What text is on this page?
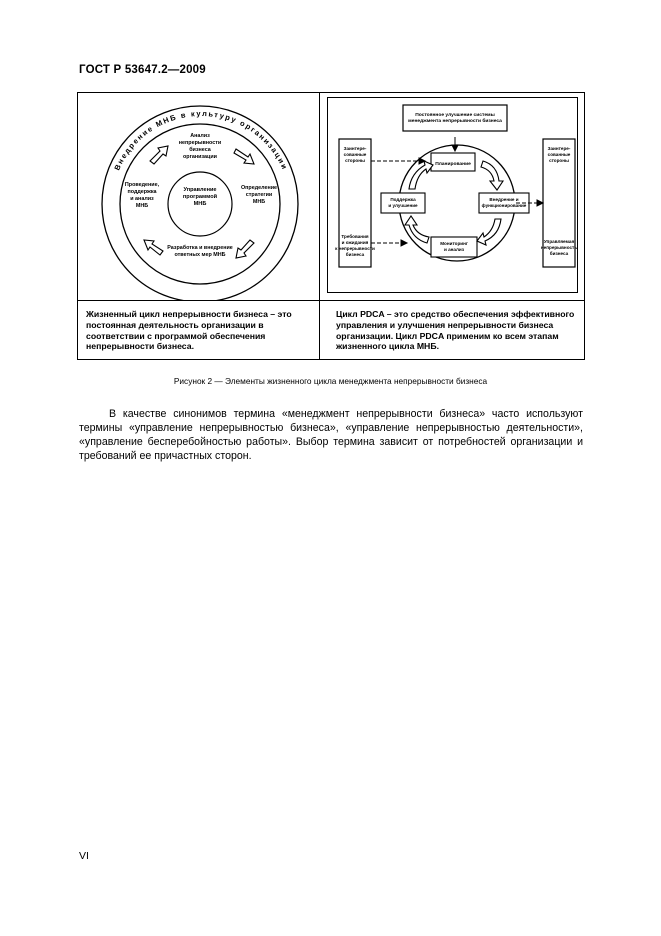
ГОСТ Р 53647.2—2009
Внедрение МНБ в культуру организации
Управление программой МНБ
Анализ непрерывности бизнеса организации
Определение стратегии МНБ
Разработка и внедрение ответных мер МНБ
Проведение, поддержка и анализ МНБ
Постоянное улучшение системы менеджмента непрерывности бизнеса
Заинтере-сованные стороны
Требования и ожидания к непрерывности бизнеса
Заинтере-сованные стороны
Управляемая непрерывность бизнеса
Планирование
Внедрение и функционирование
Мониторинг и анализ
Поддержка и улучшение
Жизненный цикл непрерывности бизнеса – это постоянная деятельность организации в соответствии с программой обеспечения непрерывности бизнеса.
Цикл PDCA – это средство обеспечения эффективного управления и улучшения непрерывности бизнеса организации. Цикл PDCA применим ко всем этапам жизненного цикла МНБ.
Рисунок 2 — Элементы жизненного цикла менеджмента непрерывности бизнеса

В качестве синонимов термина «менеджмент непрерывности бизнеса» часто используют термины «управление непрерывностью бизнеса», «управление непрерывностью деятельности», «управление бесперебойностью работы». Выбор термина зависит от потребностей организации и требований ее причастных сторон.

VI
